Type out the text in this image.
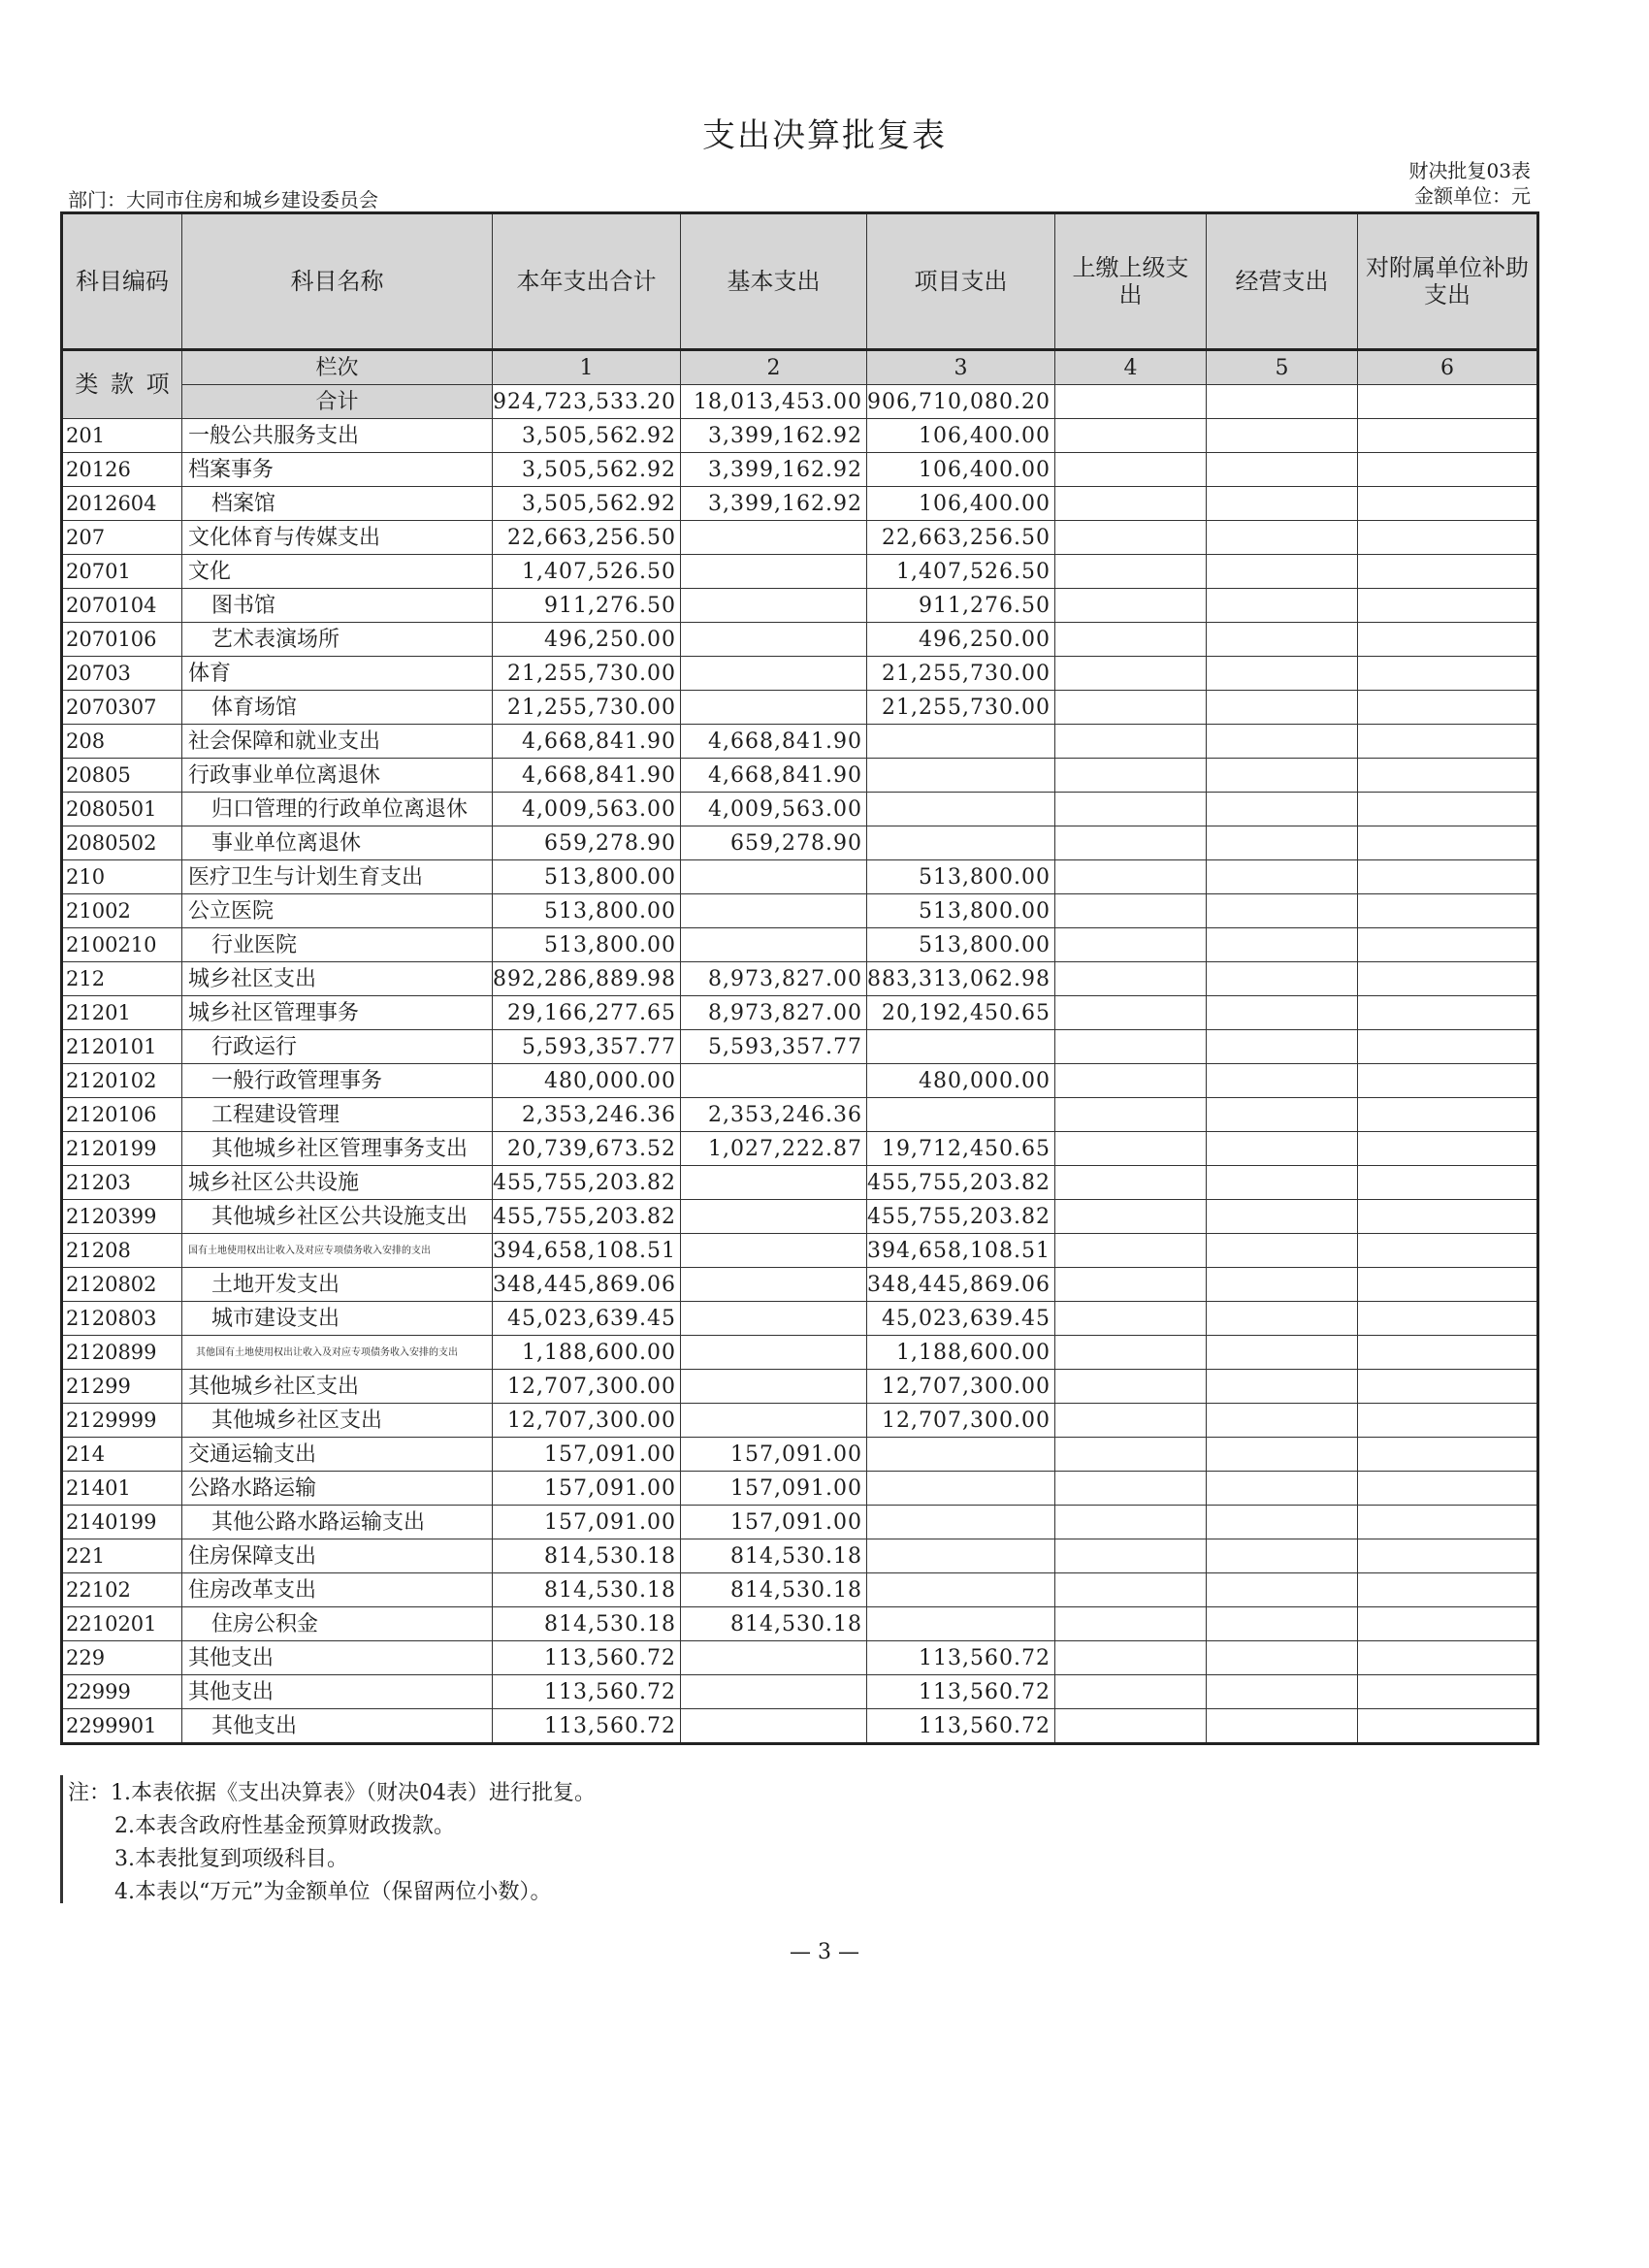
支出决算批复表
财决批复03表
金额单位：元
部门：大同市住房和城乡建设委员会
科目编码	科目名称	本年支出合计	基本支出	项目支出	上缴上级支出	经营支出	对附属单位补助支出

类 款 项	栏次	1	2	3	4	5	6
	合计	924,723,533.20	18,013,453.00	906,710,080.20			
201	一般公共服务支出	3,505,562.92	3,399,162.92	106,400.00			
20126	档案事务	3,505,562.92	3,399,162.92	106,400.00			
2012604	档案馆	3,505,562.92	3,399,162.92	106,400.00			
207	文化体育与传媒支出	22,663,256.50		22,663,256.50			
20701	文化	1,407,526.50		1,407,526.50			
2070104	图书馆	911,276.50		911,276.50			
2070106	艺术表演场所	496,250.00		496,250.00			
20703	体育	21,255,730.00		21,255,730.00			
2070307	体育场馆	21,255,730.00		21,255,730.00			
208	社会保障和就业支出	4,668,841.90	4,668,841.90				
20805	行政事业单位离退休	4,668,841.90	4,668,841.90				
2080501	归口管理的行政单位离退休	4,009,563.00	4,009,563.00				
2080502	事业单位离退休	659,278.90	659,278.90				
210	医疗卫生与计划生育支出	513,800.00		513,800.00			
21002	公立医院	513,800.00		513,800.00			
2100210	行业医院	513,800.00		513,800.00			
212	城乡社区支出	892,286,889.98	8,973,827.00	883,313,062.98			
21201	城乡社区管理事务	29,166,277.65	8,973,827.00	20,192,450.65			
2120101	行政运行	5,593,357.77	5,593,357.77				
2120102	一般行政管理事务	480,000.00		480,000.00			
2120106	工程建设管理	2,353,246.36	2,353,246.36				
2120199	其他城乡社区管理事务支出	20,739,673.52	1,027,222.87	19,712,450.65			
21203	城乡社区公共设施	455,755,203.82		455,755,203.82			
2120399	其他城乡社区公共设施支出	455,755,203.82		455,755,203.82			
21208	国有土地使用权出让收入及对应专项债务收入安排的支出	394,658,108.51		394,658,108.51			
2120802	土地开发支出	348,445,869.06		348,445,869.06			
2120803	城市建设支出	45,023,639.45		45,023,639.45			
2120899	其他国有土地使用权出让收入及对应专项债务收入安排的支出	1,188,600.00		1,188,600.00			
21299	其他城乡社区支出	12,707,300.00		12,707,300.00			
2129999	其他城乡社区支出	12,707,300.00		12,707,300.00			
214	交通运输支出	157,091.00	157,091.00				
21401	公路水路运输	157,091.00	157,091.00				
2140199	其他公路水路运输支出	157,091.00	157,091.00				
221	住房保障支出	814,530.18	814,530.18				
22102	住房改革支出	814,530.18	814,530.18				
2210201	住房公积金	814,530.18	814,530.18				
229	其他支出	113,560.72		113,560.72			
22999	其他支出	113,560.72		113,560.72			
2299901	其他支出	113,560.72		113,560.72			
注：1.本表依据《支出决算表》（财决04表）进行批复。
2.本表含政府性基金预算财政拨款。
3.本表批复到项级科目。
4.本表以“万元”为金额单位（保留两位小数）。
— 3 —
